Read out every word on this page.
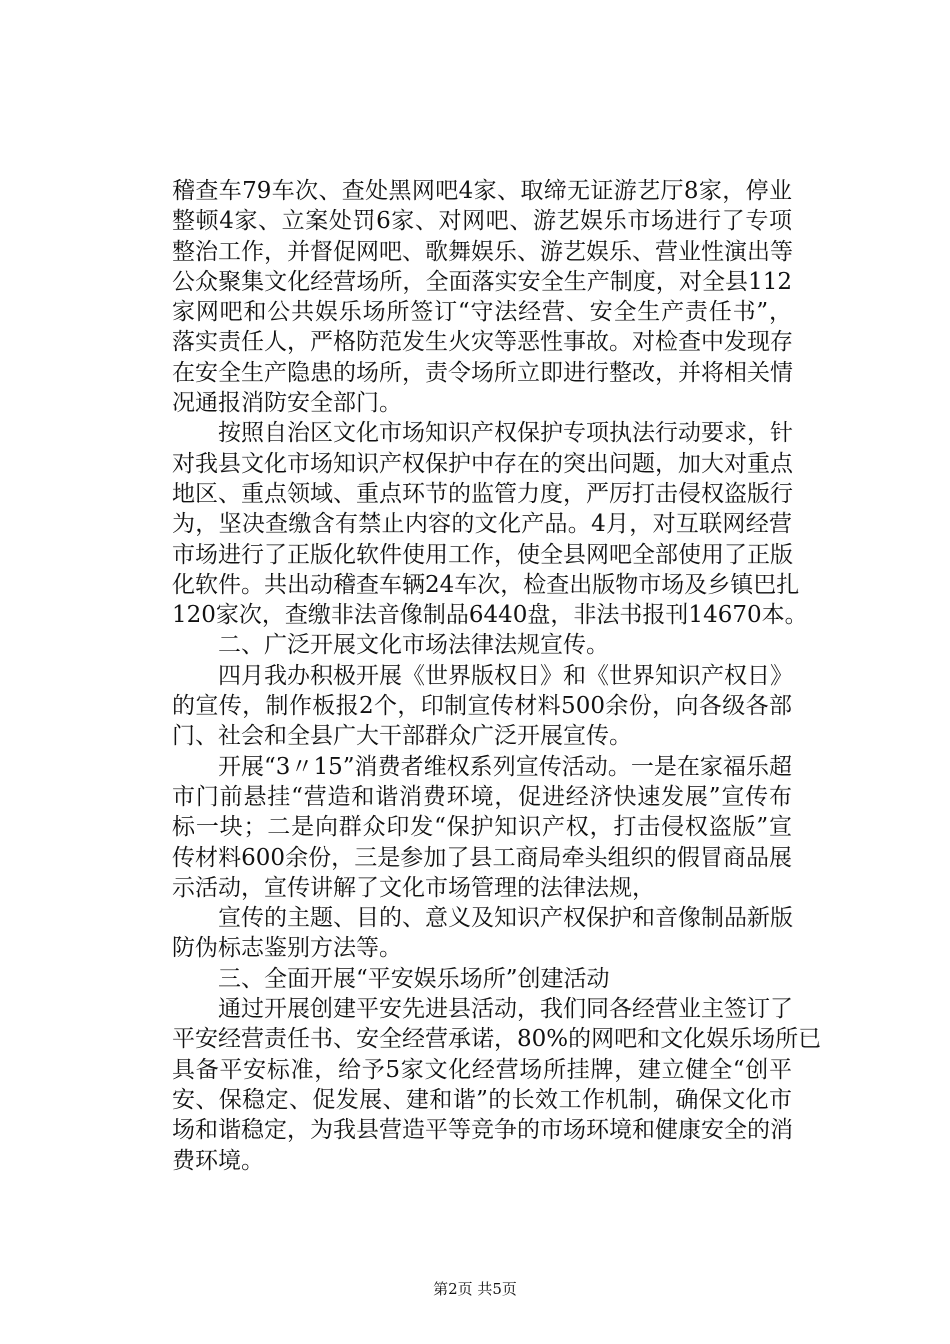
稽查车79车次、查处黑网吧4家、取缔无证游艺厅8家，停业
整顿4家、立案处罚6家、对网吧、游艺娱乐市场进行了专项
整治工作，并督促网吧、歌舞娱乐、游艺娱乐、营业性演出等
公众聚集文化经营场所，全面落实安全生产制度，对全县112
家网吧和公共娱乐场所签订“守法经营、安全生产责任书”，
落实责任人，严格防范发生火灾等恶性事故。对检查中发现存
在安全生产隐患的场所，责令场所立即进行整改，并将相关情
况通报消防安全部门。
按照自治区文化市场知识产权保护专项执法行动要求，针
对我县文化市场知识产权保护中存在的突出问题，加大对重点
地区、重点领域、重点环节的监管力度，严厉打击侵权盗版行
为，坚决查缴含有禁止内容的文化产品。4月，对互联网经营
市场进行了正版化软件使用工作，使全县网吧全部使用了正版
化软件。共出动稽查车辆24车次，检查出版物市场及乡镇巴扎
120家次，查缴非法音像制品6440盘，非法书报刊14670本。
二、广泛开展文化市场法律法规宣传。
四月我办积极开展《世界版权日》和《世界知识产权日》
的宣传，制作板报2个，印制宣传材料500余份，向各级各部
门、社会和全县广大干部群众广泛开展宣传。
开展“3〃15”消费者维权系列宣传活动。一是在家福乐超
市门前悬挂“营造和谐消费环境，促进经济快速发展”宣传布
标一块；二是向群众印发“保护知识产权，打击侵权盗版”宣
传材料600余份，三是参加了县工商局牵头组织的假冒商品展
示活动，宣传讲解了文化市场管理的法律法规，
宣传的主题、目的、意义及知识产权保护和音像制品新版
防伪标志鉴别方法等。
三、全面开展“平安娱乐场所”创建活动
通过开展创建平安先进县活动，我们同各经营业主签订了
平安经营责任书、安全经营承诺，80%的网吧和文化娱乐场所已
具备平安标准，给予5家文化经营场所挂牌，建立健全“创平
安、保稳定、促发展、建和谐”的长效工作机制，确保文化市
场和谐稳定，为我县营造平等竞争的市场环境和健康安全的消
费环境。
第2页 共5页
